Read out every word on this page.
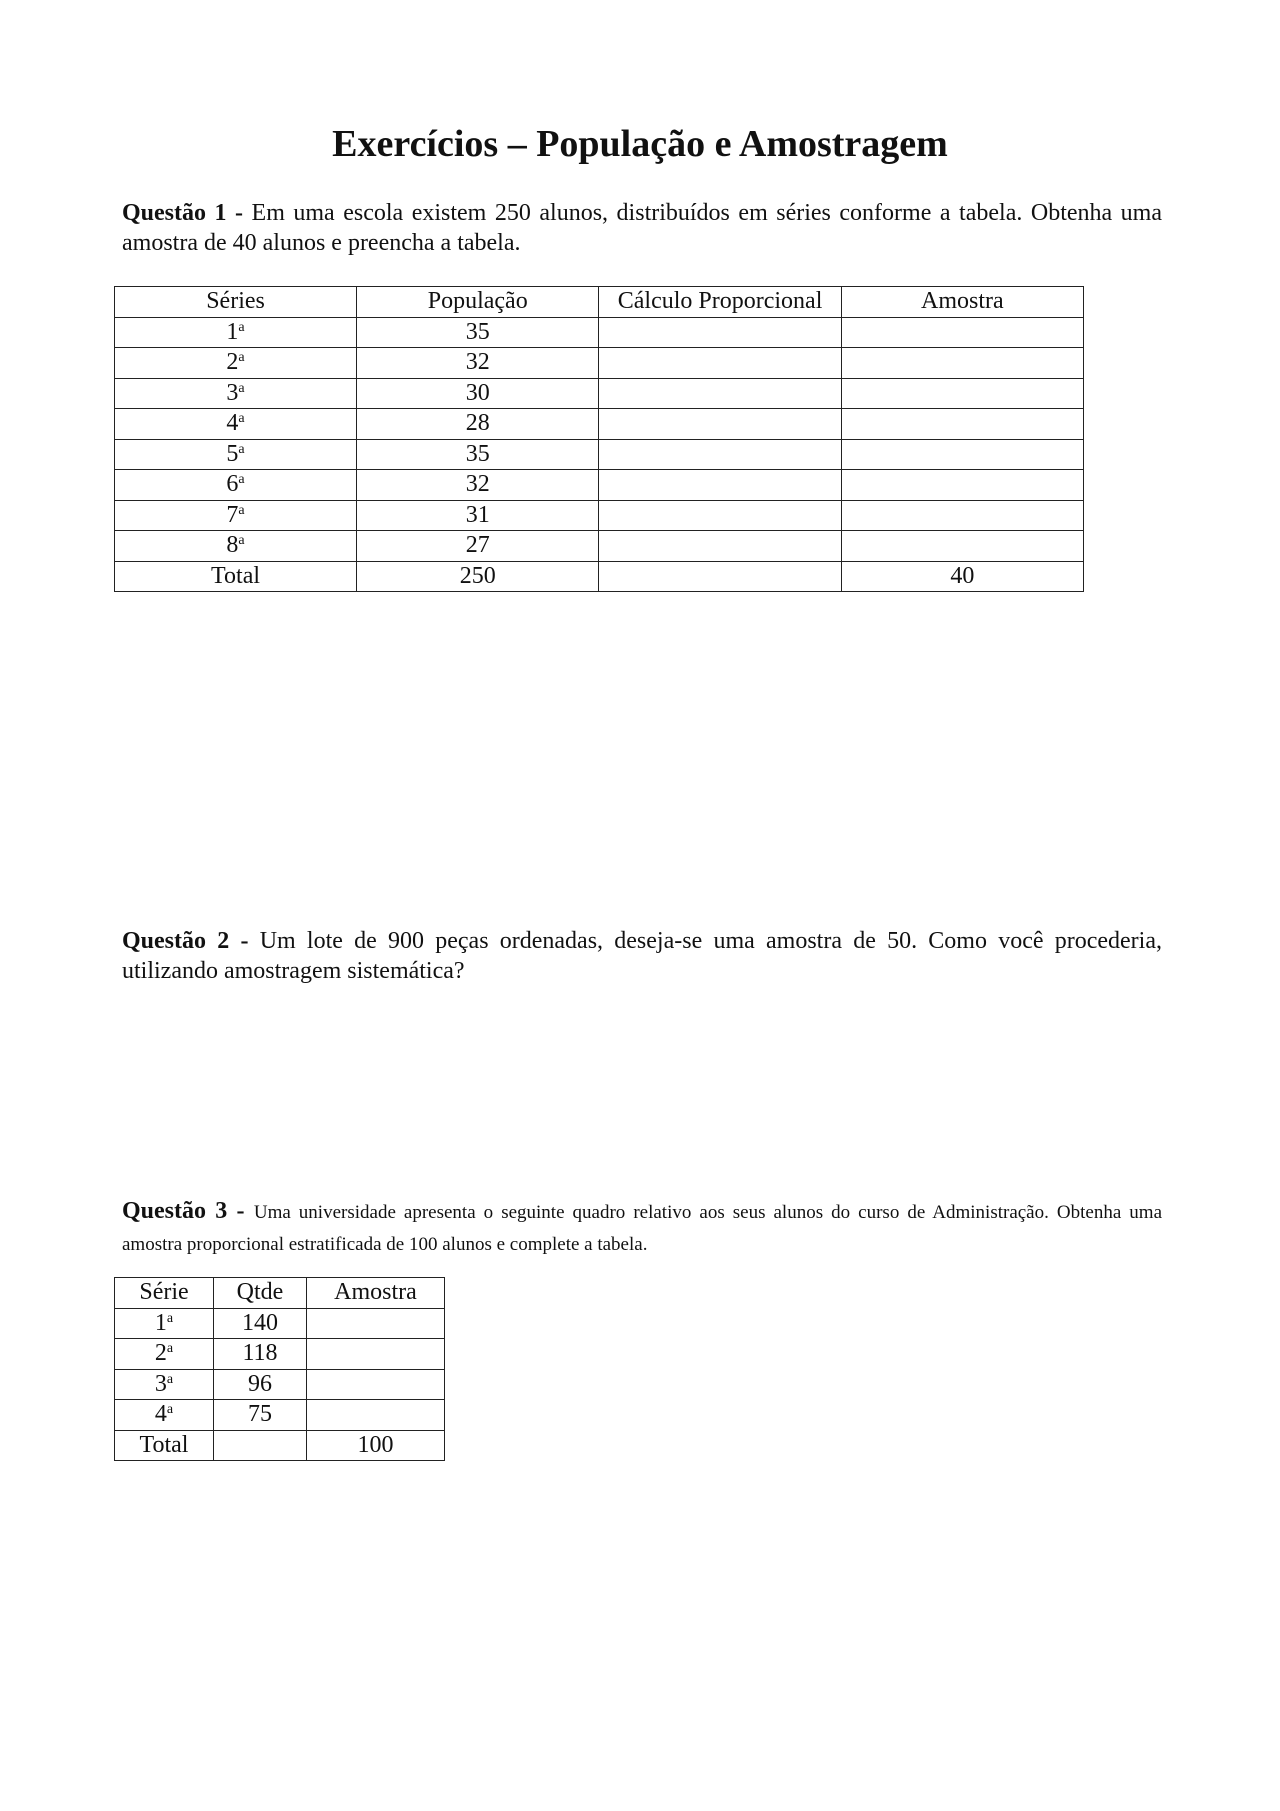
Exercícios – População e Amostragem
Questão 1 - Em uma escola existem 250 alunos, distribuídos em séries conforme a tabela. Obtenha uma amostra de 40 alunos e preencha a tabela.
Séries	População	Cálculo Proporcional	Amostra
1$^a$	35		
2$^a$	32		
3$^a$	30		
4$^a$	28		
5$^a$	35		
6$^a$	32		
7$^a$	31		
8$^a$	27		
Total	250		40
Questão 2 - Um lote de 900 peças ordenadas, deseja-se uma amostra de 50. Como você procederia, utilizando amostragem sistemática?
Questão 3 - Uma universidade apresenta o seguinte quadro relativo aos seus alunos do curso de Administração. Obtenha uma amostra proporcional estratificada de 100 alunos e complete a tabela.
Série	Qtde	Amostra
1$^a$	140	
2$^a$	118	
3$^a$	96	
4$^a$	75	
Total		100
